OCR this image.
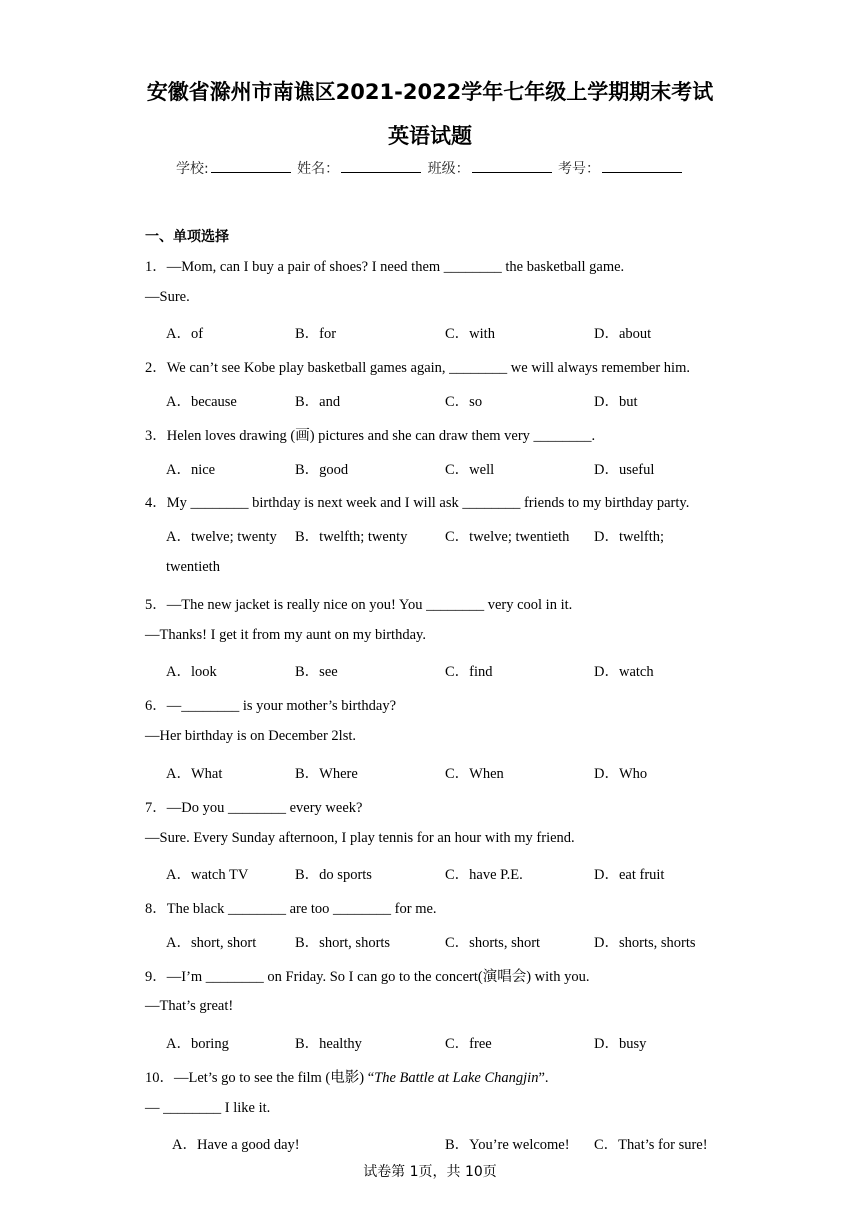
安徽省滁州市南谯区2021-2022学年七年级上学期期末考试
英语试题
学校:	姓名：	班级：	考号：
一、单项选择
1．—Mom, can I buy a pair of shoes? I need them ________ the basketball game.
—Sure.
A．of	B．for	C．with	D．about
2．We can’t see Kobe play basketball games again, ________ we will always remember him.
A．because	B．and	C．so	D．but
3．Helen loves drawing (画) pictures and she can draw them very ________.
A．nice	B．good	C．well	D．useful
4．My ________ birthday is next week and I will ask ________ friends to my birthday party.
A．twelve; twenty B．twelfth; twenty	C．twelve; twentieth D．twelfth;
twentieth
5．—The new jacket is really nice on you! You ________ very cool in it.
—Thanks! I get it from my aunt on my birthday.
A．look	B．see	C．find	D．watch
6．—________ is your mother’s birthday?
—Her birthday is on December 2lst.
A．What	B．Where	C．When	D．Who
7．—Do you ________ every week?
—Sure. Every Sunday afternoon, I play tennis for an hour with my friend.
A．watch TV	B．do sports	C．have P.E.	D．eat fruit
8．The black ________ are too ________ for me.
A．short, short	B．short, shorts	C．shorts, short	D．shorts, shorts
9．—I’m ________ on Friday. So I can go to the concert(演唱会) with you.
—That’s great!
A．boring	B．healthy	C．free	D．busy
10．—Let’s go to see the film (电影) “The Battle at Lake Changjin”.
— ________ I like it.
A．Have a good day!	B．You’re welcome! C．That’s for sure!
试卷第 1页，共 10页
